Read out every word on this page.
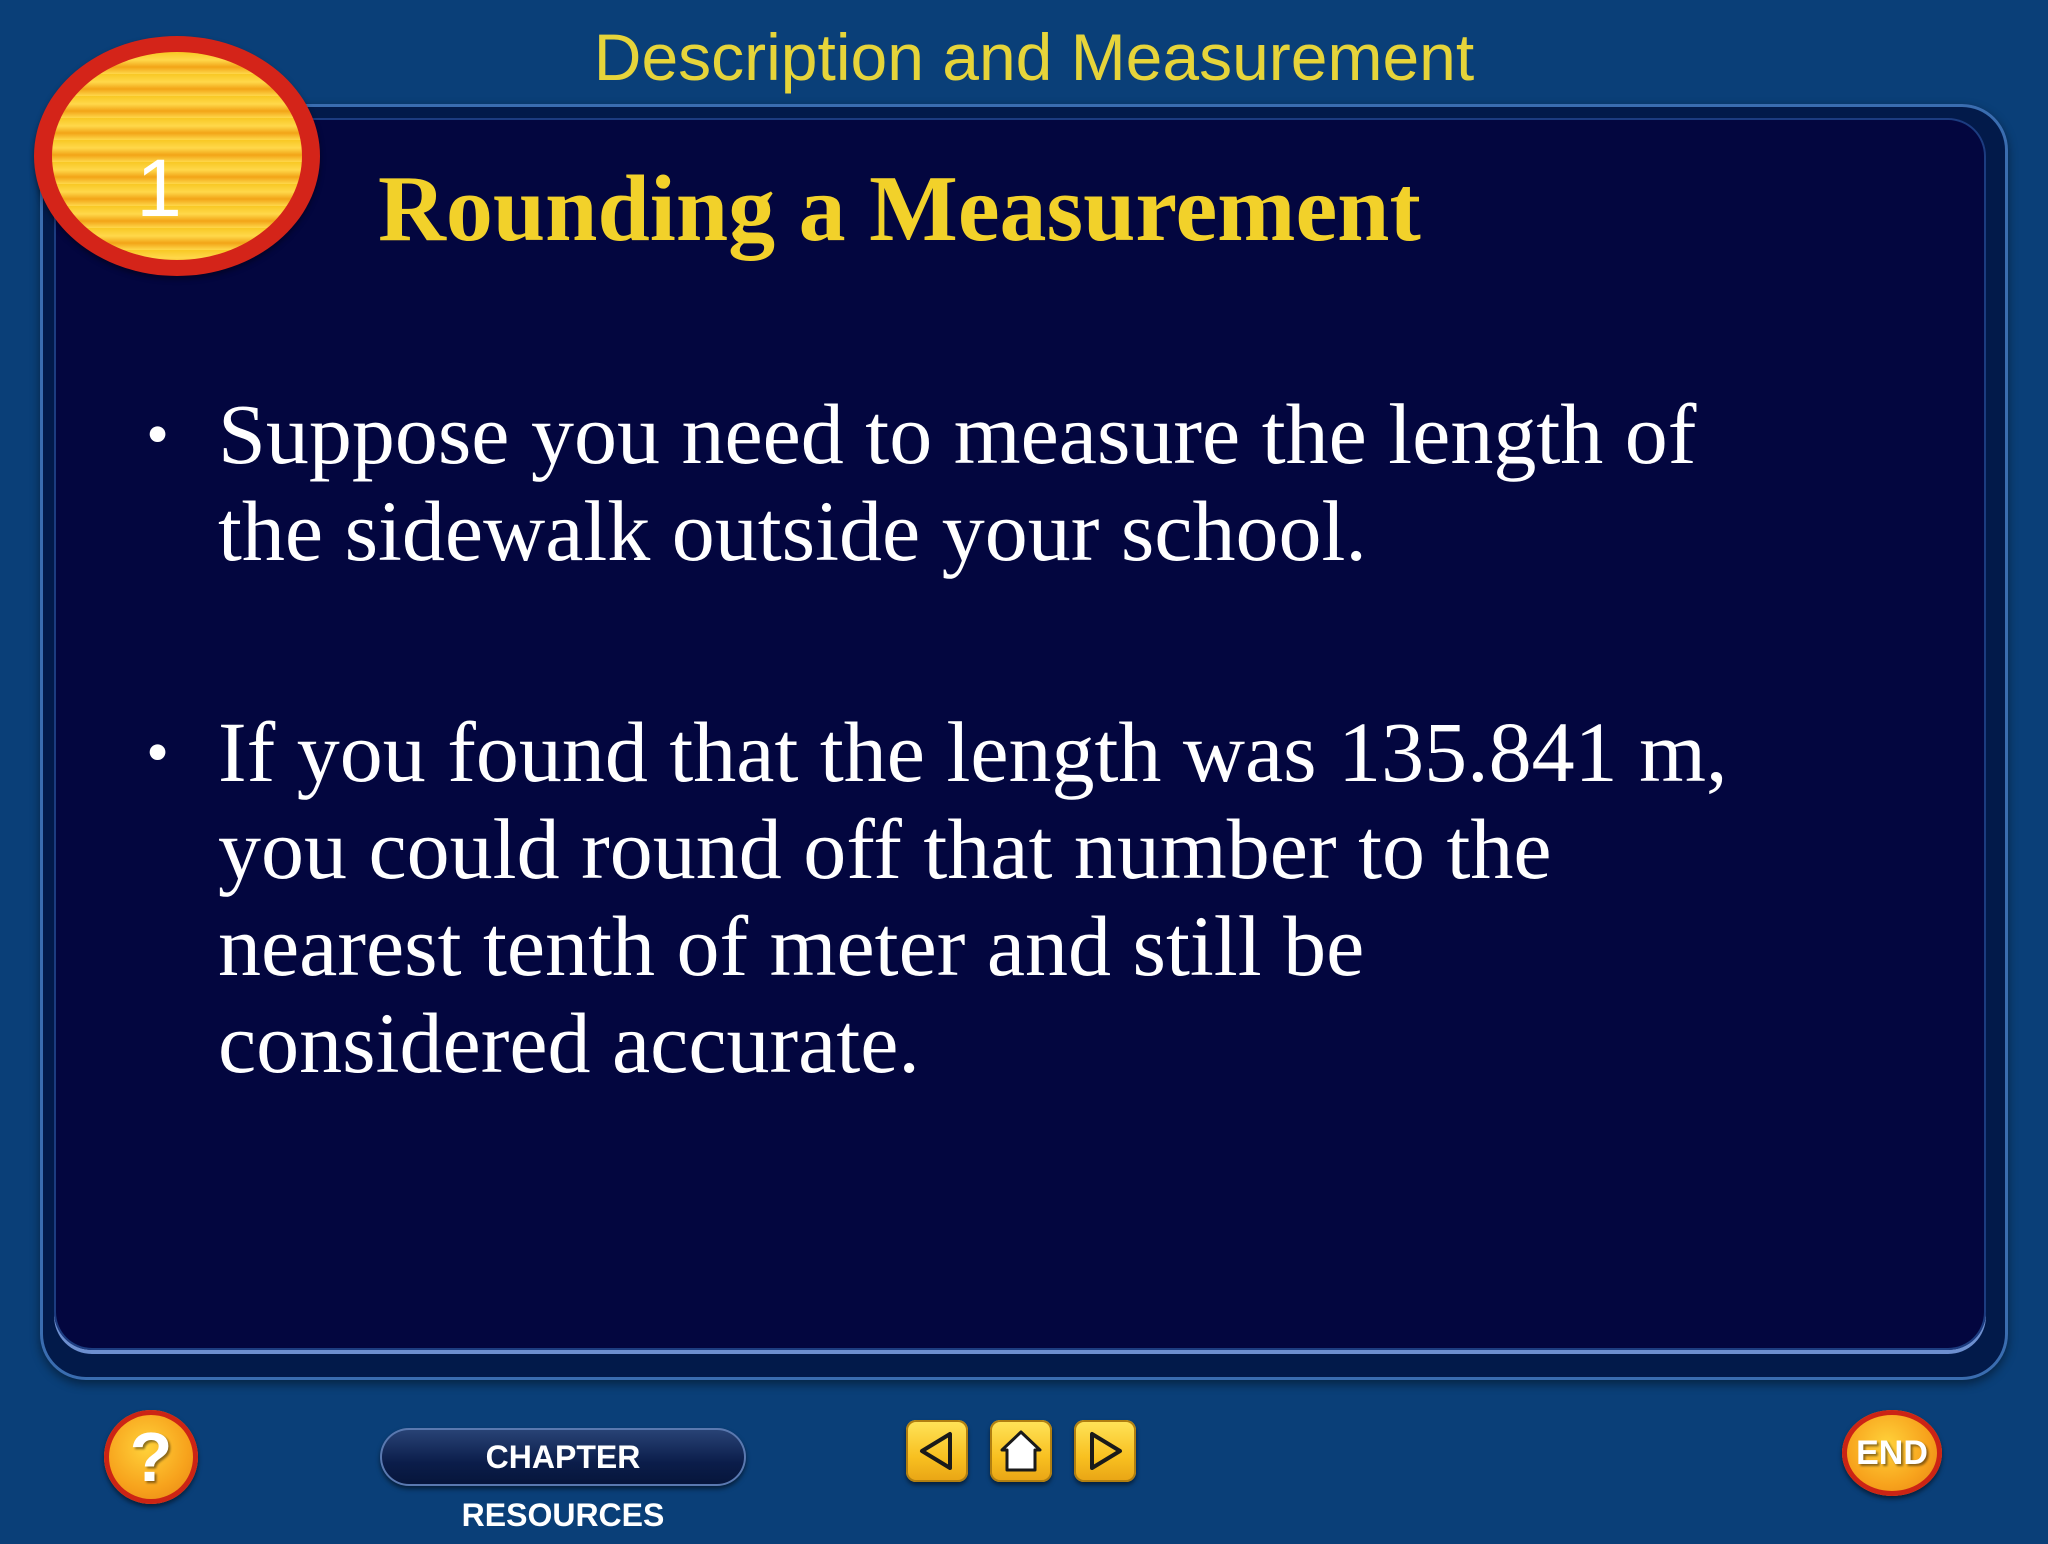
Description and Measurement
1 Rounding a Measurement
• Suppose you need to measure the length of
the sidewalk outside your school.
• If you found that the length was 135.841 m,
you could round off that number to the
nearest tenth of meter and still be
considered accurate.
?	CHAPTER RESOURCES
END
